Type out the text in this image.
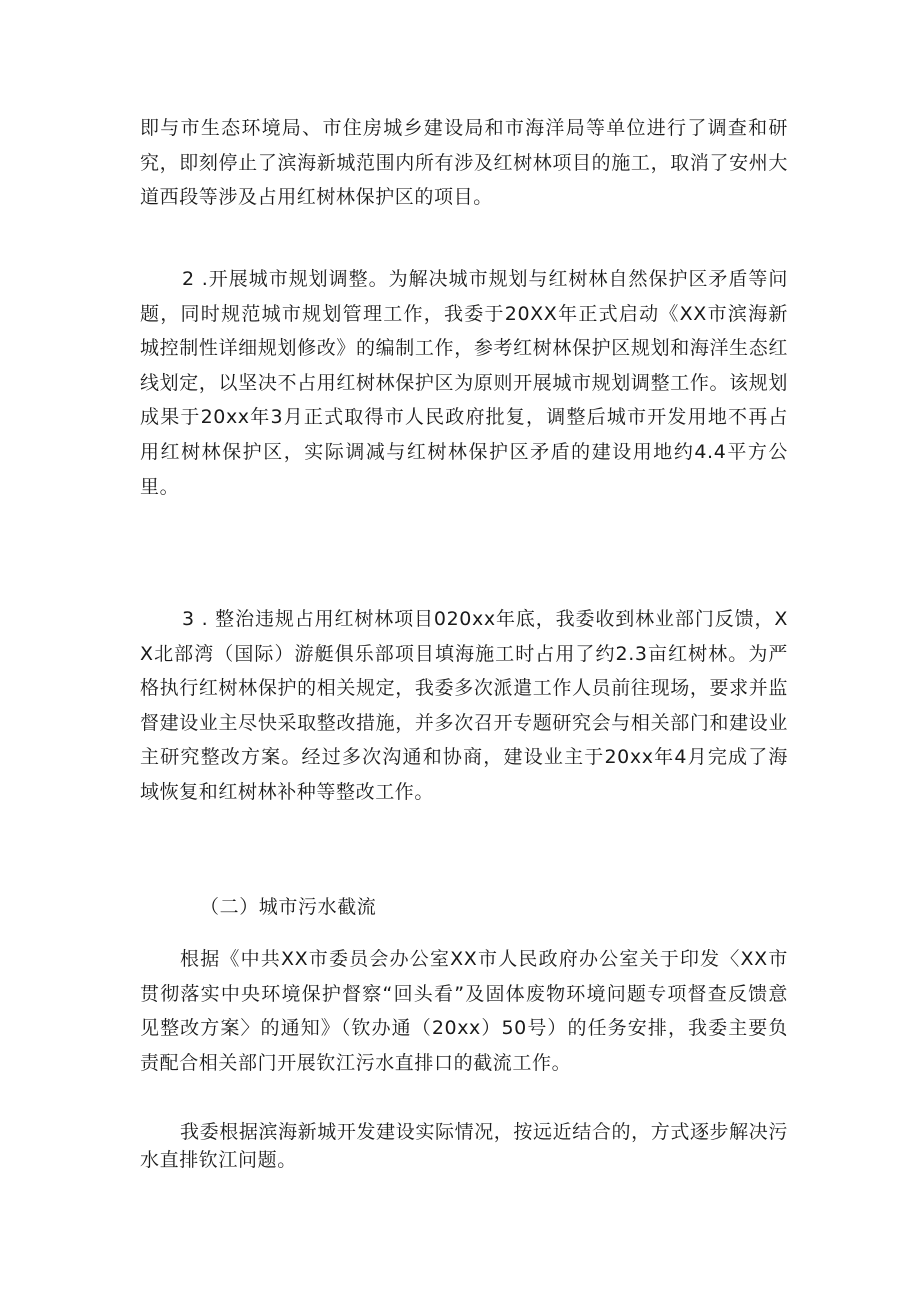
即与市生态环境局、市住房城乡建设局和市海洋局等单位进行了调查和研究，即刻停止了滨海新城范围内所有涉及红树林项目的施工，取消了安州大道西段等涉及占用红树林保护区的项目。

2 .开展城市规划调整。为解决城市规划与红树林自然保护区矛盾等问题，同时规范城市规划管理工作，我委于20XX年正式启动《XX市滨海新城控制性详细规划修改》的编制工作，参考红树林保护区规划和海洋生态红线划定，以坚决不占用红树林保护区为原则开展城市规划调整工作。该规划成果于20xx年3月正式取得市人民政府批复，调整后城市开发用地不再占用红树林保护区，实际调减与红树林保护区矛盾的建设用地约4.4平方公里。

3 . 整治违规占用红树林项目020xx年底，我委收到林业部门反馈，XX北部湾（国际）游艇俱乐部项目填海施工时占用了约2.3亩红树林。为严格执行红树林保护的相关规定，我委多次派遣工作人员前往现场，要求并监督建设业主尽快采取整改措施，并多次召开专题研究会与相关部门和建设业主研究整改方案。经过多次沟通和协商，建设业主于20xx年4月完成了海域恢复和红树林补种等整改工作。

（二）城市污水截流

根据《中共XX市委员会办公室XX市人民政府办公室关于印发〈XX市贯彻落实中央环境保护督察“回头看”及固体废物环境问题专项督查反馈意见整改方案〉的通知》（钦办通（20xx）50号）的任务安排，我委主要负责配合相关部门开展钦江污水直排口的截流工作。

我委根据滨海新城开发建设实际情况，按远近结合的，方式逐步解决污水直排钦江问题。
